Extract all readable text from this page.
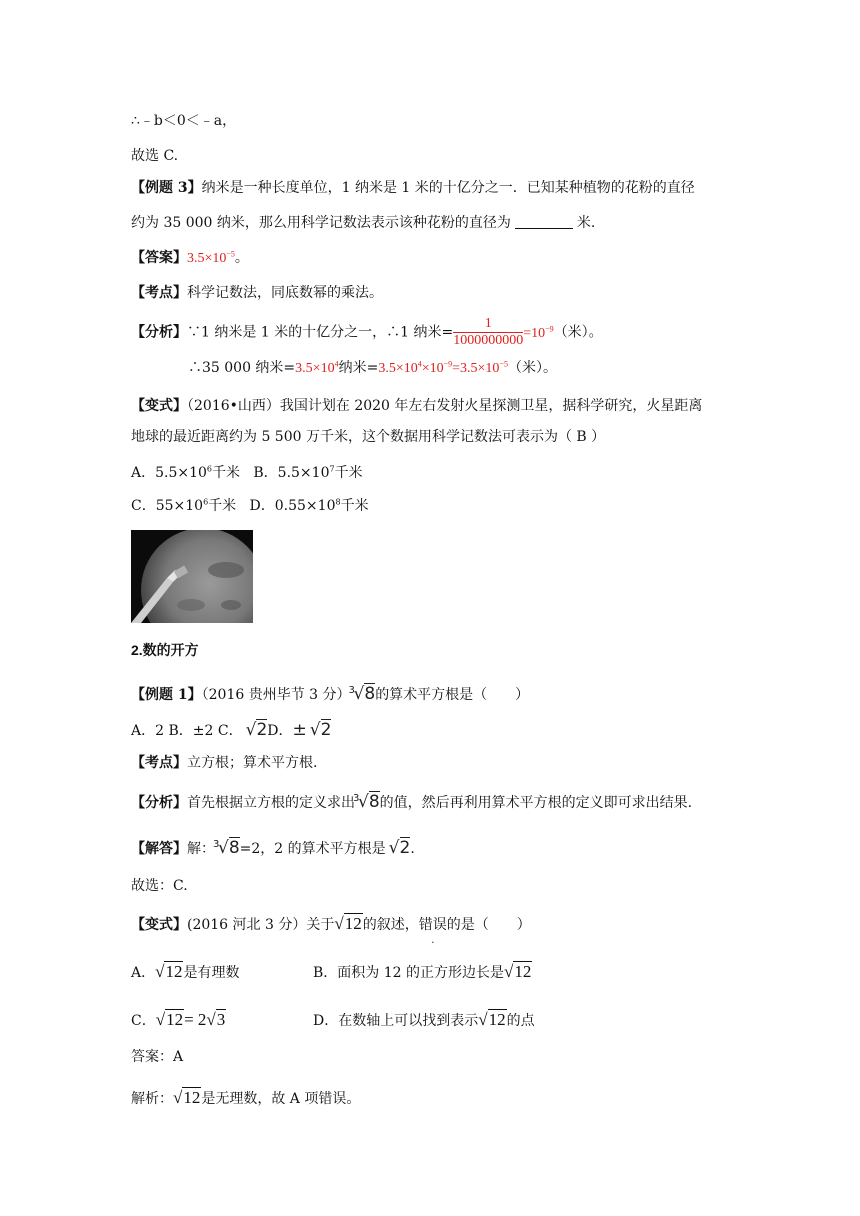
∴﹣b＜0＜﹣a，
故选 C.
【例题 3】纳米是一种长度单位，1 纳米是 1 米的十亿分之一．已知某种植物的花粉的直径
约为 35 000 纳米，那么用科学记数法表示该种花粉的直径为	米.
【答案】$3.5\times 10^{-5}$。
【考点】科学记数法，同底数幂的乘法。
【分析】∵1 纳米是 1 米的十亿分之一，∴1 纳米= $\frac{1}{1000000000} =10^{-9}$（米）。
∴35 000 纳米$=3.5\times 10^4$纳米$=3.5\times 10^4\times 10^{-9}=3.5\times 10^{-5}$（米）。
【变式】（2016•山西）我国计划在 2020 年左右发射火星探测卫星，据科学研究，火星距离
地球的最近距离约为 5 500 万千米，这个数据用科学记数法可表示为（ B ）
A．$5.5\times 10^6$千米 B．$5.5\times 10^7$千米
C．$55\times 10^6$千米 D．$0.55\times 10^8$千米
2.数的开方
【例题 1】（2016 贵州毕节 3 分）
3
√8的算术平方根是（　　）
A．2 B．±2 C． √2D．± √2
【考点】立方根；算术平方根.
【分析】首先根据立方根的定义求出
3
√8的值，然后再利用算术平方根的定义即可求出结果.
【解答】解：
3
√8=2，2 的算术平方根是 √2.
故选：C.
【变式】(2016 河北 3 分）关于√12的叙述，错误的是（　　）
A．√12是有理数	B．面积为 12 的正方形边长是√12
C．√12= 2√3	D．在数轴上可以找到表示√12的点
答案：A
解析：√12是无理数，故 A 项错误。
